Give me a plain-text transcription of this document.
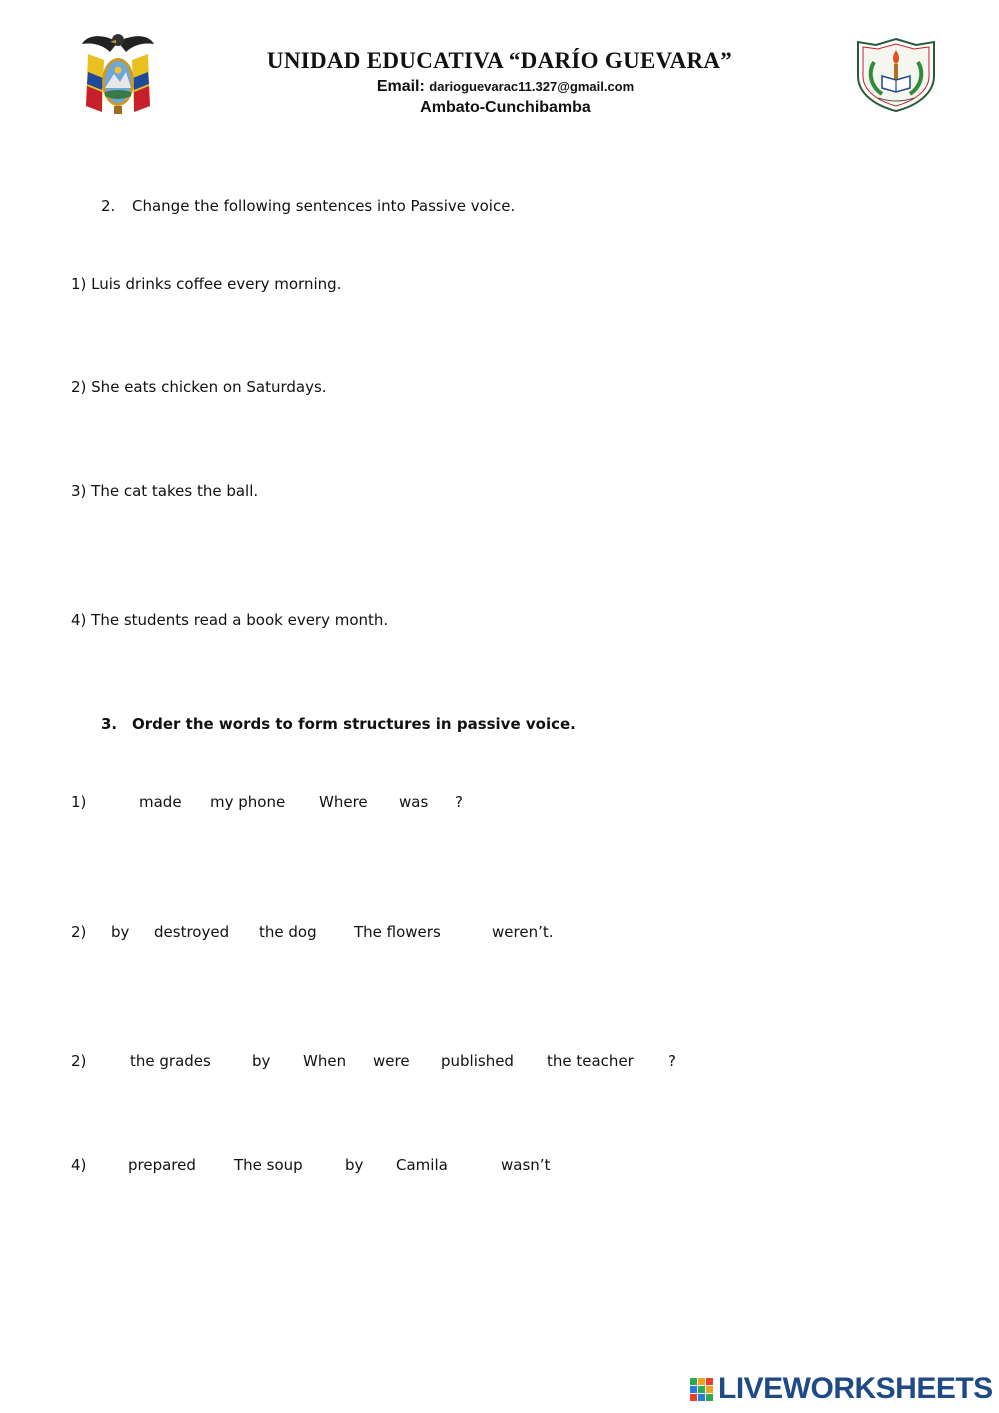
UNIDAD EDUCATIVA “DARÍO GUEVARA”
Email: darioguevarac11.327@gmail.com
Ambato-Cunchibamba
2. Change the following sentences into Passive voice.
1) Luis drinks coffee every morning.
2) She eats chicken on Saturdays.
3) The cat takes the ball.
4) The students read a book every month.
3. Order the words to form structures in passive voice.
1)	made my phone Where was ?
2) by destroyed the dog The flowers	weren’t.
2)	the grades	by When were published the teacher ?
4)	prepared	The soup	by Camila	wasn’t
LIVEWORKSHEETS
